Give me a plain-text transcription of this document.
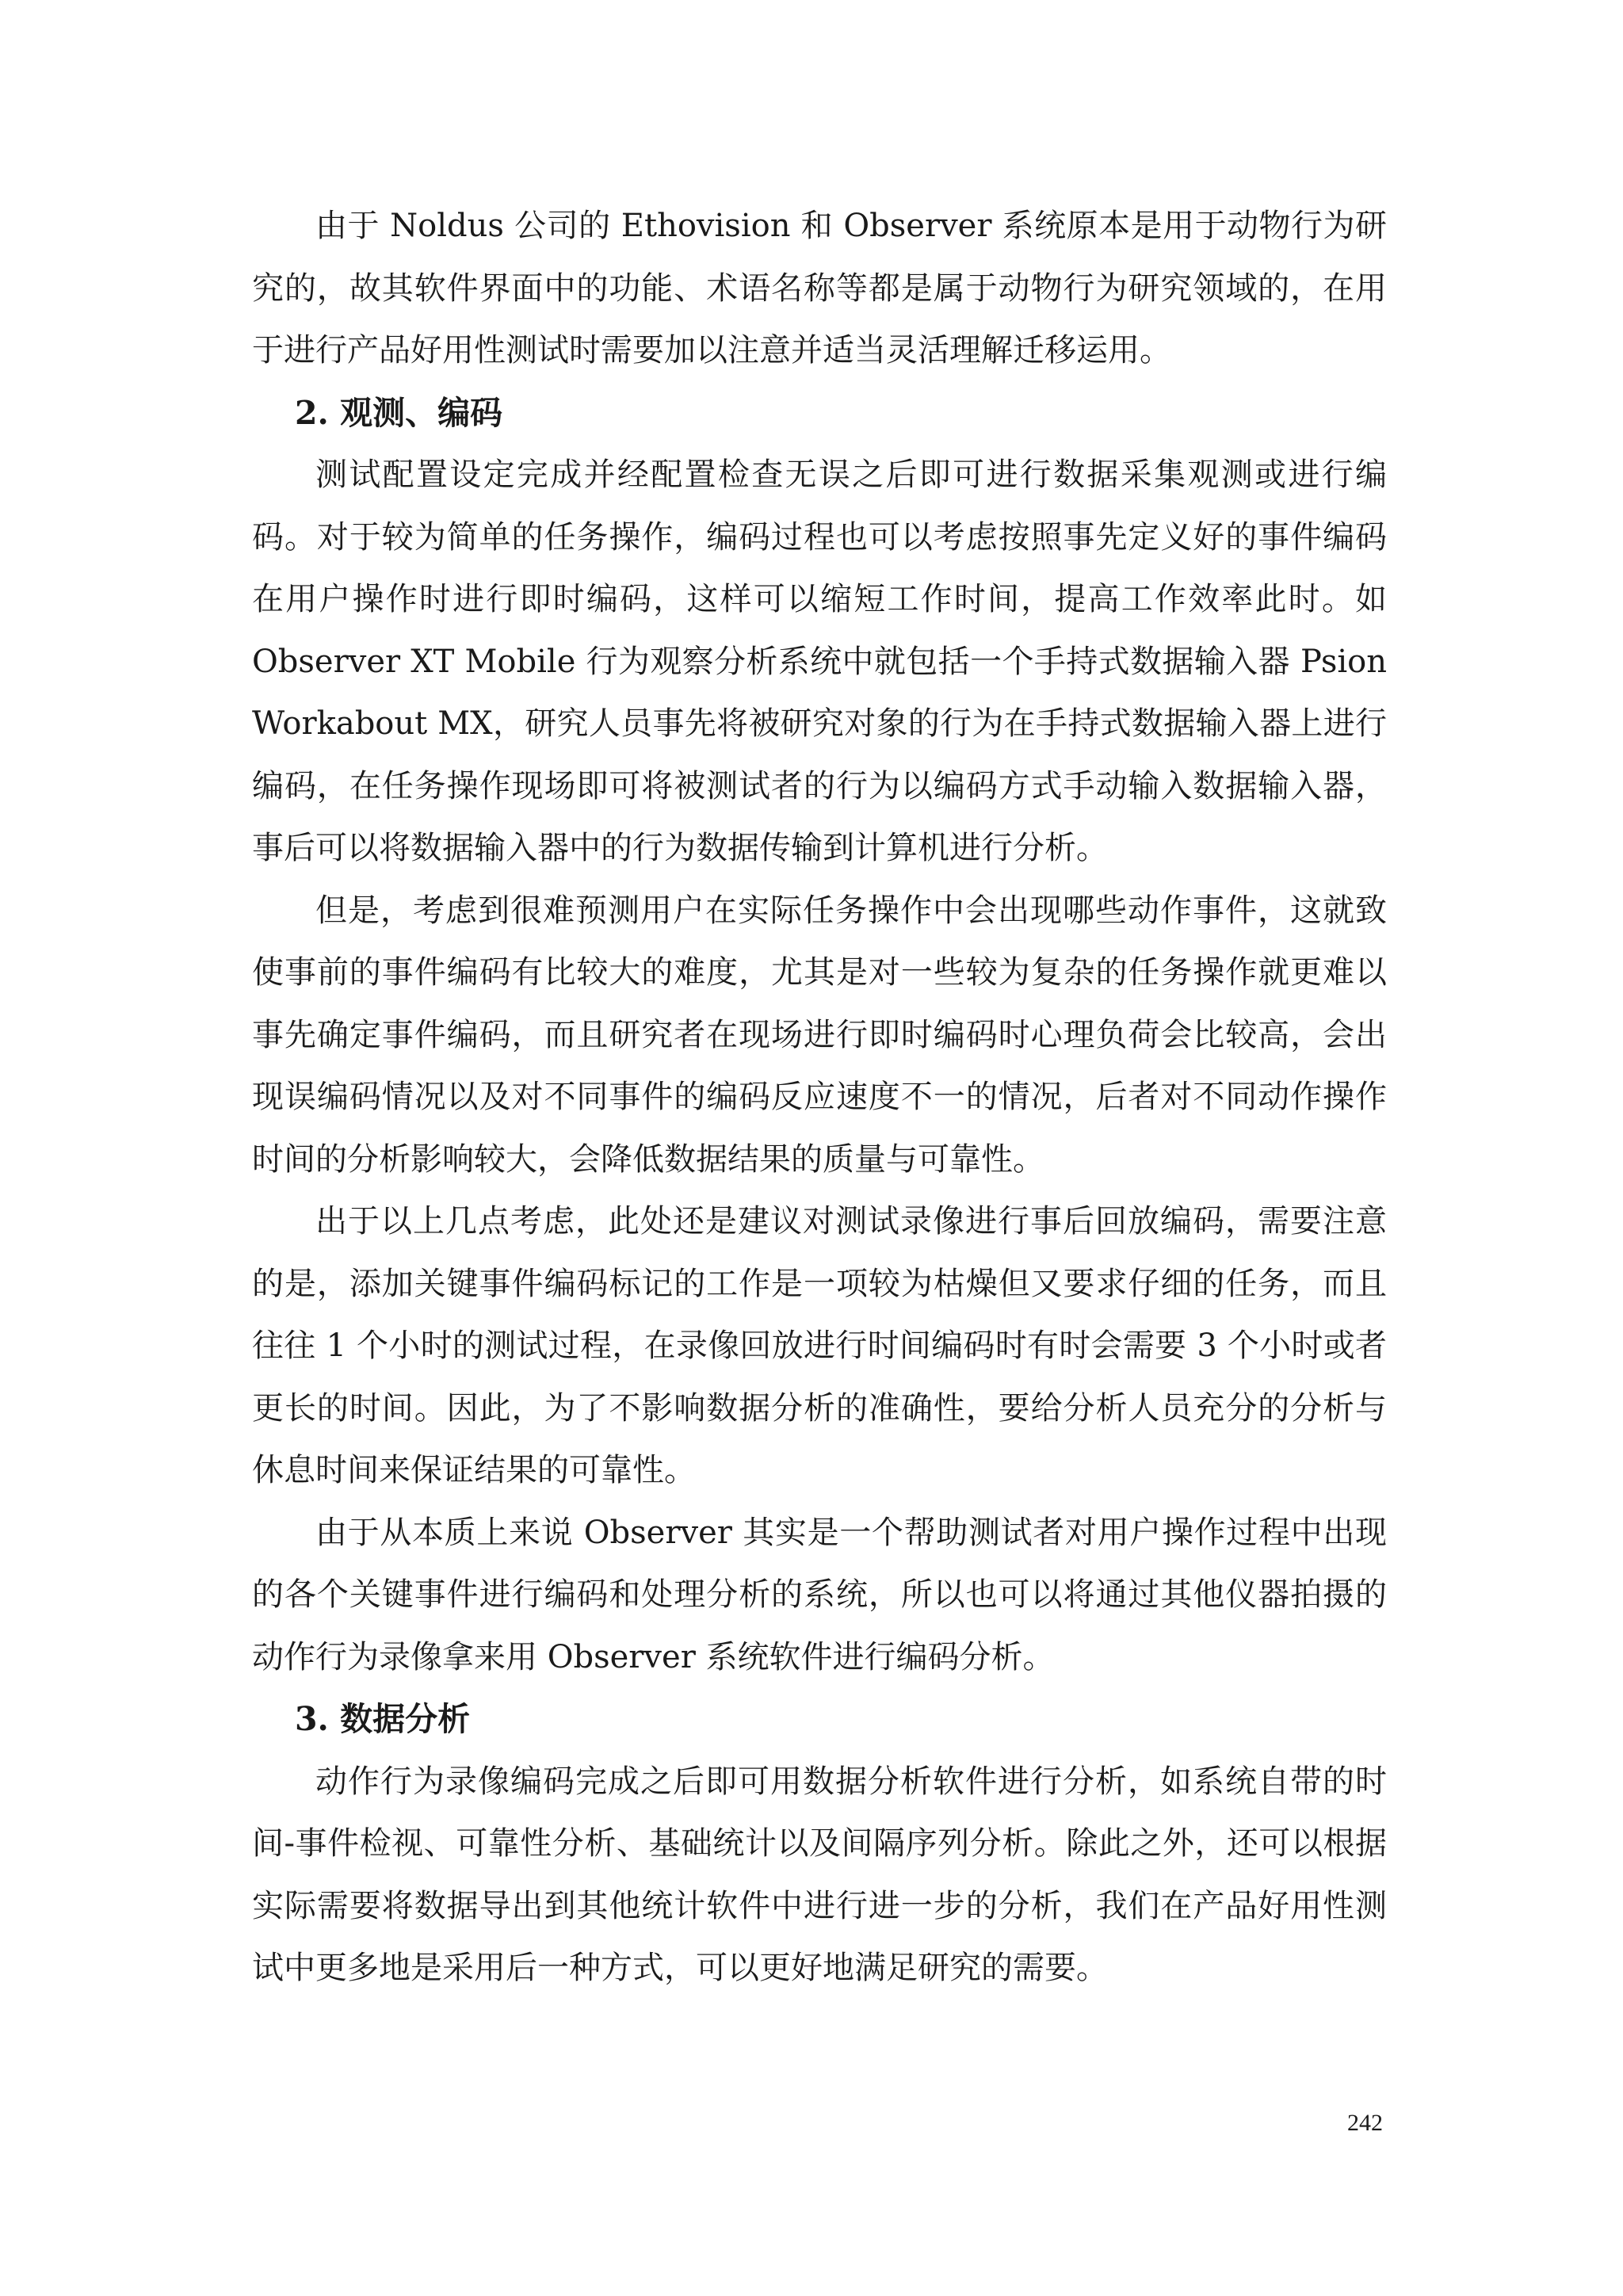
由于 Noldus 公司的 Ethovision 和 Observer 系统原本是用于动物行为研究的，故其软件界面中的功能、术语名称等都是属于动物行为研究领域的，在用于进行产品好用性测试时需要加以注意并适当灵活理解迁移运用。

2. 观测、编码

测试配置设定完成并经配置检查无误之后即可进行数据采集观测或进行编码。对于较为简单的任务操作，编码过程也可以考虑按照事先定义好的事件编码在用户操作时进行即时编码，这样可以缩短工作时间，提高工作效率此时。如 Observer XT Mobile 行为观察分析系统中就包括一个手持式数据输入器 Psion Workabout MX，研究人员事先将被研究对象的行为在手持式数据输入器上进行编码，在任务操作现场即可将被测试者的行为以编码方式手动输入数据输入器，事后可以将数据输入器中的行为数据传输到计算机进行分析。

但是，考虑到很难预测用户在实际任务操作中会出现哪些动作事件，这就致使事前的事件编码有比较大的难度，尤其是对一些较为复杂的任务操作就更难以事先确定事件编码，而且研究者在现场进行即时编码时心理负荷会比较高，会出现误编码情况以及对不同事件的编码反应速度不一的情况，后者对不同动作操作时间的分析影响较大，会降低数据结果的质量与可靠性。

出于以上几点考虑，此处还是建议对测试录像进行事后回放编码，需要注意的是，添加关键事件编码标记的工作是一项较为枯燥但又要求仔细的任务，而且往往 1 个小时的测试过程，在录像回放进行时间编码时有时会需要 3 个小时或者更长的时间。因此，为了不影响数据分析的准确性，要给分析人员充分的分析与休息时间来保证结果的可靠性。

由于从本质上来说 Observer 其实是一个帮助测试者对用户操作过程中出现的各个关键事件进行编码和处理分析的系统，所以也可以将通过其他仪器拍摄的动作行为录像拿来用 Observer 系统软件进行编码分析。

3. 数据分析

动作行为录像编码完成之后即可用数据分析软件进行分析，如系统自带的时间-事件检视、可靠性分析、基础统计以及间隔序列分析。除此之外，还可以根据实际需要将数据导出到其他统计软件中进行进一步的分析，我们在产品好用性测试中更多地是采用后一种方式，可以更好地满足研究的需要。

242
